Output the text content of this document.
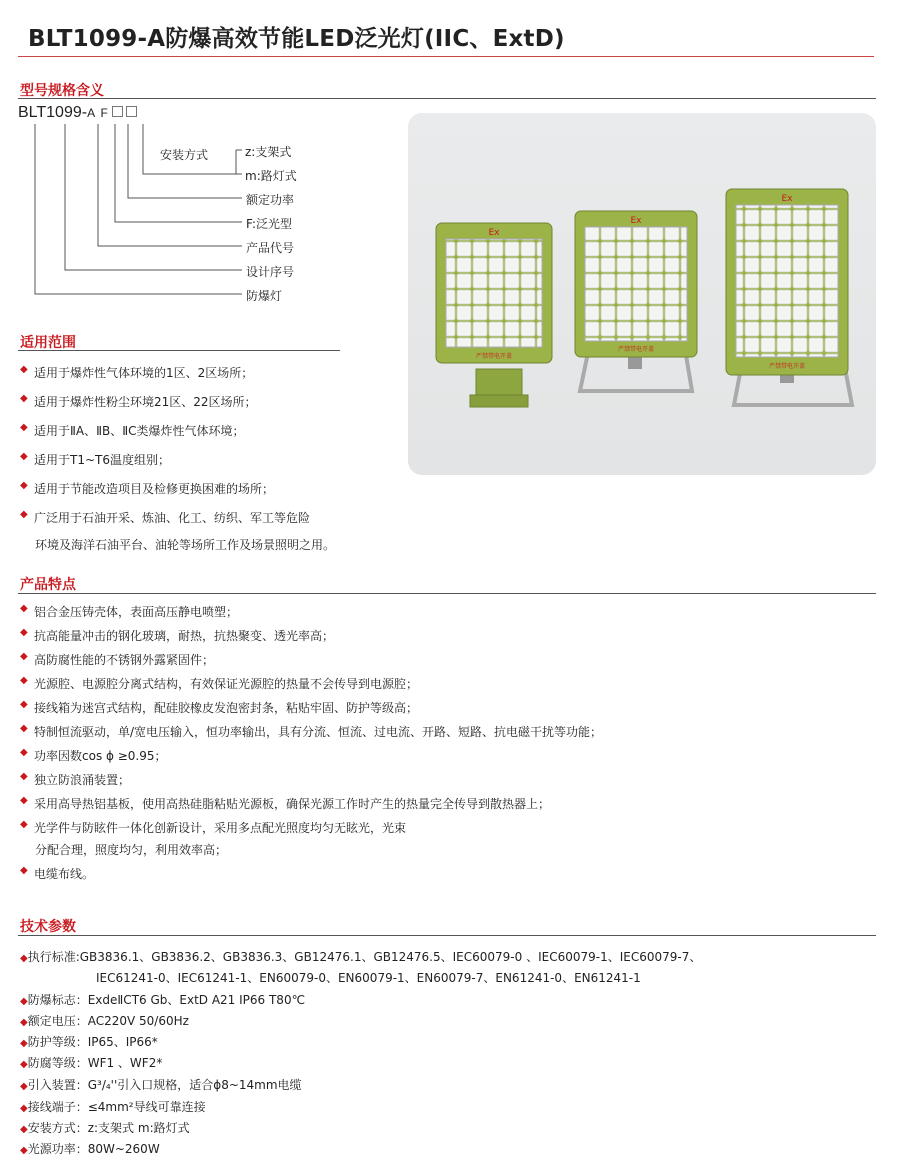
BLT1099-A防爆高效节能LED泛光灯(IIC、ExtD)
型号规格含义
BLT1099-A F
安装方式	z:支架式
m:路灯式
额定功率
F:泛光型
产品代号
设计序号
防爆灯
适用范围
◆ 适用于爆炸性气体环境的1区、2区场所；
◆ 适用于爆炸性粉尘环境21区、22区场所；
◆ 适用于ⅡA、ⅡB、ⅡC类爆炸性气体环境；
◆ 适用于T1~T6温度组别；
◆ 适用于节能改造项目及检修更换困难的场所；
◆ 广泛用于石油开采、炼油、化工、纺织、军工等危险
环境及海洋石油平台、油轮等场所工作及场景照明之用。
Ex
严禁带电开盖
Ex
严禁带电开盖
Ex
严禁带电开盖
产品特点
◆ 铝合金压铸壳体，表面高压静电喷塑；
◆ 抗高能量冲击的钢化玻璃，耐热，抗热聚变、透光率高；
◆ 高防腐性能的不锈钢外露紧固件；
◆ 光源腔、电源腔分离式结构，有效保证光源腔的热量不会传导到电源腔；
◆ 接线箱为迷宫式结构，配硅胶橡皮发泡密封条，粘贴牢固、防护等级高；
◆ 特制恒流驱动，单/宽电压输入，恒功率输出，具有分流、恒流、过电流、开路、短路、抗电磁干扰等功能；
◆ 功率因数cos ϕ ≥0.95；
◆ 独立防浪涌装置；
◆ 采用高导热铝基板，使用高热硅脂粘贴光源板，确保光源工作时产生的热量完全传导到散热器上；
◆ 光学件与防眩件一体化创新设计，采用多点配光照度均匀无眩光，光束
分配合理，照度均匀，利用效率高；
◆ 电缆布线。
技术参数
◆执行标准:GB3836.1、GB3836.2、GB3836.3、GB12476.1、GB12476.5、IEC60079-0 、IEC60079-1、IEC60079-7、
IEC61241-0、IEC61241-1、EN60079-0、EN60079-1、EN60079-7、EN61241-0、EN61241-1
◆防爆标志：ExdeⅡCT6 Gb、ExtD A21 IP66 T80℃
◆额定电压：AC220V 50/60Hz
◆防护等级：IP65、IP66*
◆防腐等级：WF1 、WF2*
◆引入装置：G³/₄''引入口规格，适合ϕ8~14mm电缆
◆接线端子：≤4mm²导线可靠连接
◆安装方式：z:支架式 m:路灯式
◆光源功率：80W~260W
